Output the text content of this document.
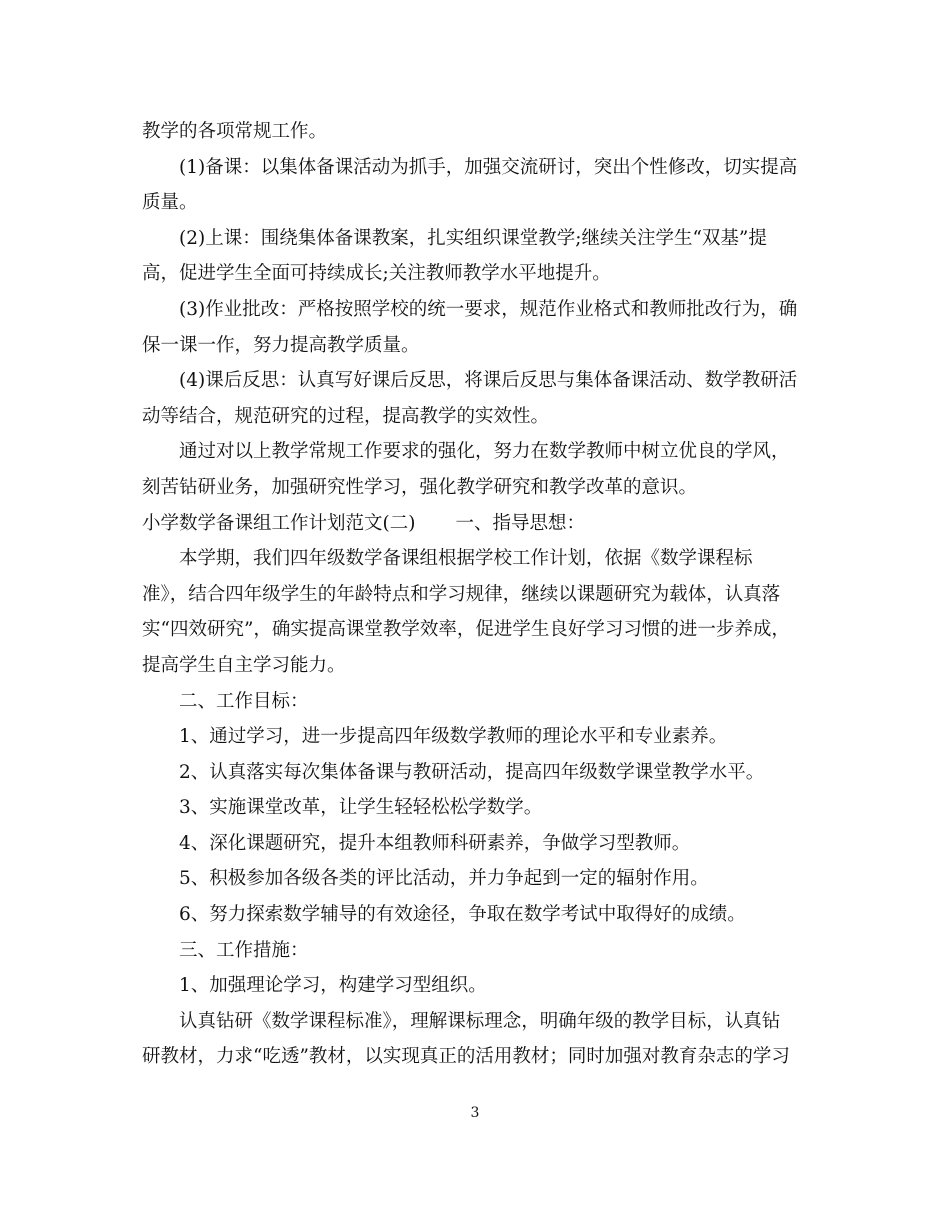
教学的各项常规工作。
(1)备课：以集体备课活动为抓手，加强交流研讨，突出个性修改，切实提高
质量。
(2)上课：围绕集体备课教案，扎实组织课堂教学;继续关注学生“双基”提
高，促进学生全面可持续成长;关注教师教学水平地提升。
(3)作业批改：严格按照学校的统一要求，规范作业格式和教师批改行为，确
保一课一作，努力提高教学质量。
(4)课后反思：认真写好课后反思，将课后反思与集体备课活动、数学教研活
动等结合，规范研究的过程，提高教学的实效性。
通过对以上教学常规工作要求的强化，努力在数学教师中树立优良的学风，
刻苦钻研业务，加强研究性学习，强化教学研究和教学改革的意识。
小学数学备课组工作计划范文(二) 一、指导思想：
本学期，我们四年级数学备课组根据学校工作计划，依据《数学课程标
准》，结合四年级学生的年龄特点和学习规律，继续以课题研究为载体，认真落
实“四效研究”，确实提高课堂教学效率，促进学生良好学习习惯的进一步养成，
提高学生自主学习能力。
二、工作目标：
1、通过学习，进一步提高四年级数学教师的理论水平和专业素养。
2、认真落实每次集体备课与教研活动，提高四年级数学课堂教学水平。
3、实施课堂改革，让学生轻轻松松学数学。
4、深化课题研究，提升本组教师科研素养，争做学习型教师。
5、积极参加各级各类的评比活动，并力争起到一定的辐射作用。
6、努力探索数学辅导的有效途径，争取在数学考试中取得好的成绩。
三、工作措施：
1、加强理论学习，构建学习型组织。
认真钻研《数学课程标准》，理解课标理念，明确年级的教学目标，认真钻
研教材，力求“吃透”教材，以实现真正的活用教材；同时加强对教育杂志的学习
3
